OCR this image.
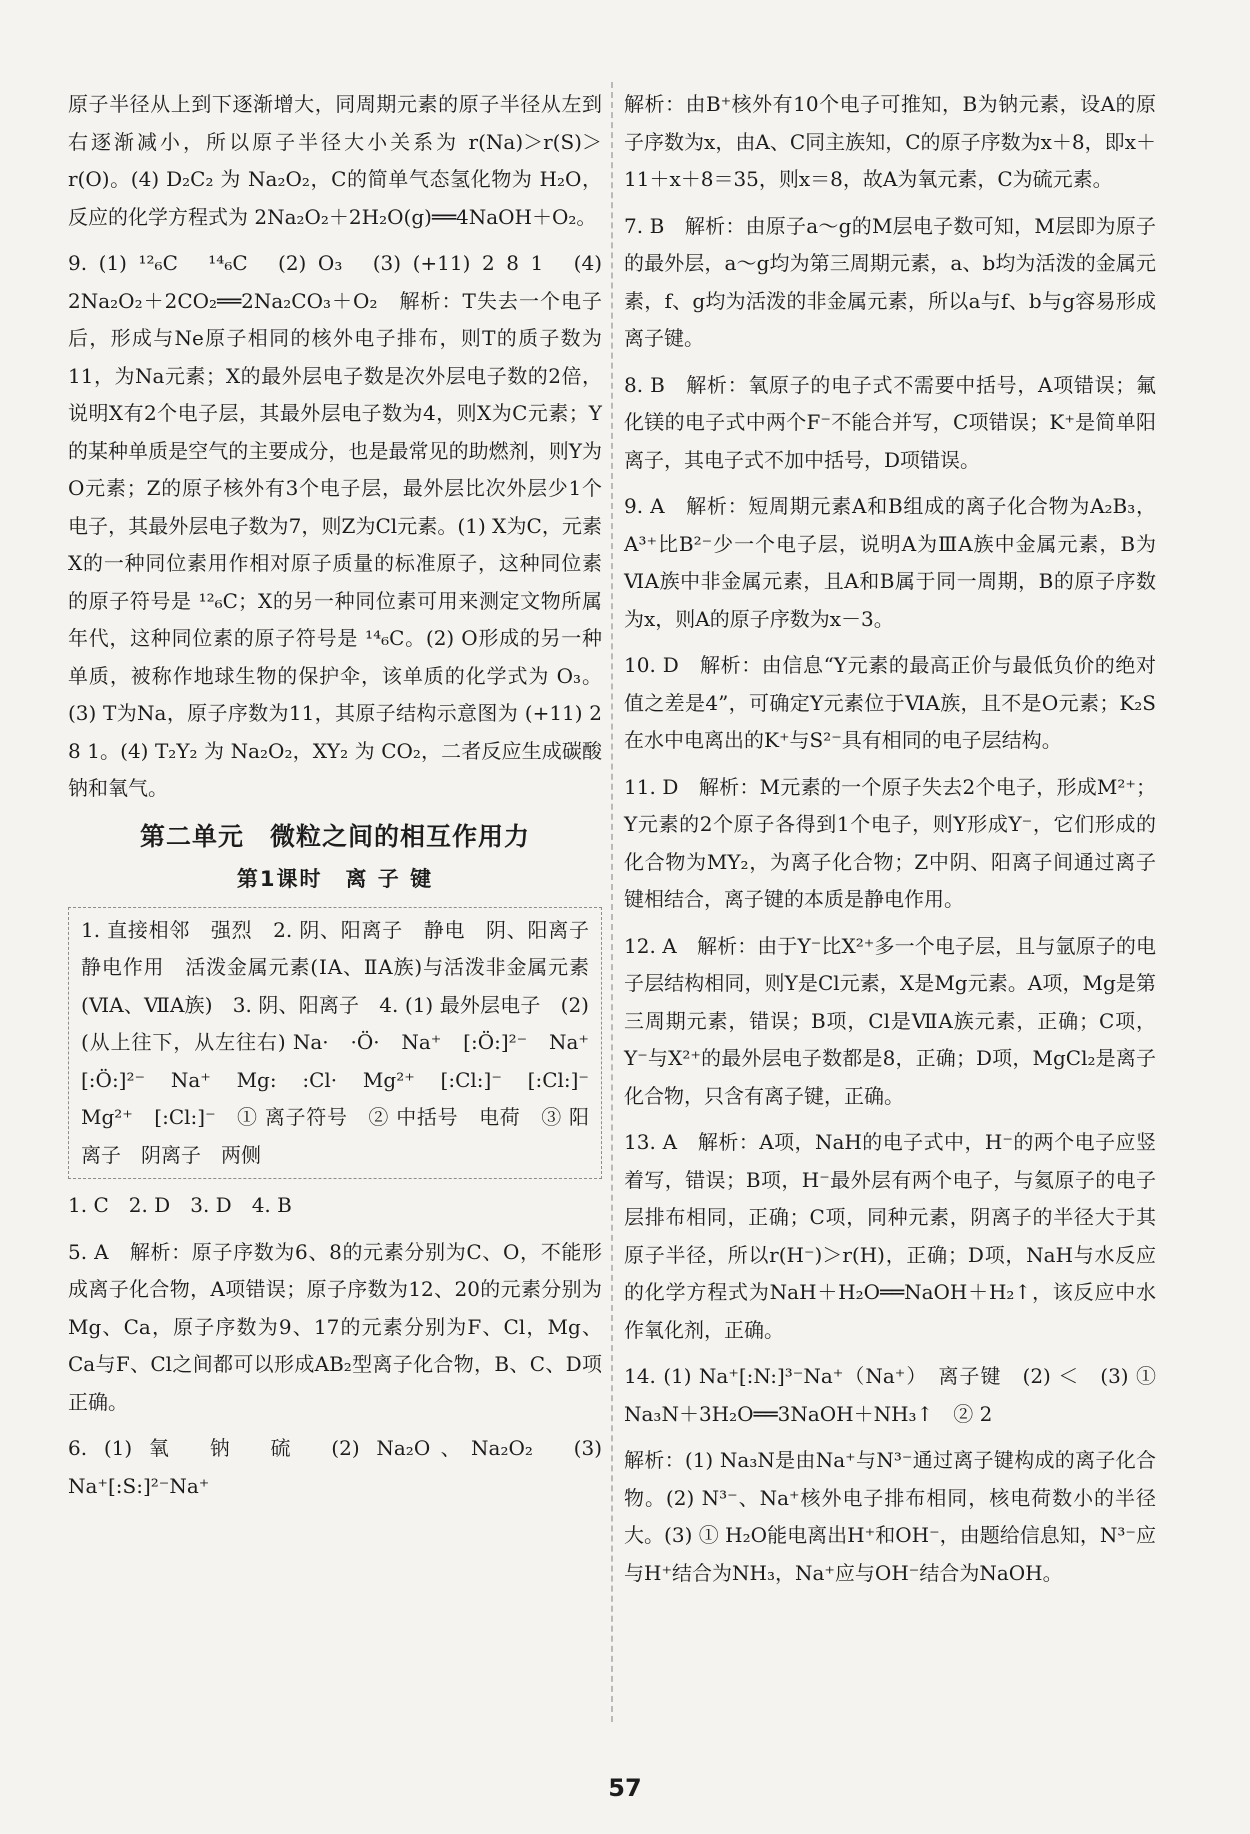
原子半径从上到下逐渐增大，同周期元素的原子半径从左到右逐渐减小，所以原子半径大小关系为 r(Na)＞r(S)＞r(O)。(4) D₂C₂ 为 Na₂O₂，C的简单气态氢化物为 H₂O，反应的化学方程式为 2Na₂O₂＋2H₂O(g)══4NaOH＋O₂。

9. (1) ¹²₆C　¹⁴₆C　(2) O₃　(3) (+11) 2 8 1　(4) 2Na₂O₂＋2CO₂══2Na₂CO₃＋O₂　解析：T失去一个电子后，形成与Ne原子相同的核外电子排布，则T的质子数为11，为Na元素；X的最外层电子数是次外层电子数的2倍，说明X有2个电子层，其最外层电子数为4，则X为C元素；Y的某种单质是空气的主要成分，也是最常见的助燃剂，则Y为O元素；Z的原子核外有3个电子层，最外层比次外层少1个电子，其最外层电子数为7，则Z为Cl元素。(1) X为C，元素X的一种同位素用作相对原子质量的标准原子，这种同位素的原子符号是 ¹²₆C；X的另一种同位素可用来测定文物所属年代，这种同位素的原子符号是 ¹⁴₆C。(2) O形成的另一种单质，被称作地球生物的保护伞，该单质的化学式为 O₃。(3) T为Na，原子序数为11，其原子结构示意图为 (+11) 2 8 1。(4) T₂Y₂ 为 Na₂O₂，XY₂ 为 CO₂，二者反应生成碳酸钠和氧气。

第二单元　微粒之间的相互作用力
第1课时　离 子 键
1. 直接相邻　强烈　2. 阴、阳离子　静电　阴、阳离子　静电作用　活泼金属元素(ⅠA、ⅡA族)与活泼非金属元素(ⅥA、ⅦA族)　3. 阴、阳离子　4. (1) 最外层电子　(2) (从上往下，从左往右) Na·　·Ö·　Na⁺　[:Ö:]²⁻　Na⁺　[:Ö:]²⁻　Na⁺　Mg:　:Cl·　Mg²⁺　[:Cl:]⁻　[:Cl:]⁻　Mg²⁺　[:Cl:]⁻　① 离子符号　② 中括号　电荷　③ 阳离子　阴离子　两侧

1. C　2. D　3. D　4. B

5. A　解析：原子序数为6、8的元素分别为C、O，不能形成离子化合物，A项错误；原子序数为12、20的元素分别为Mg、Ca，原子序数为9、17的元素分别为F、Cl，Mg、Ca与F、Cl之间都可以形成AB₂型离子化合物，B、C、D项正确。

6. (1) 氧　钠　硫　(2) Na₂O、Na₂O₂　(3) Na⁺[:S:]²⁻Na⁺

解析：由B⁺核外有10个电子可推知，B为钠元素，设A的原子序数为x，由A、C同主族知，C的原子序数为x＋8，即x＋11＋x＋8＝35，则x＝8，故A为氧元素，C为硫元素。

7. B　解析：由原子a～g的M层电子数可知，M层即为原子的最外层，a～g均为第三周期元素，a、b均为活泼的金属元素，f、g均为活泼的非金属元素，所以a与f、b与g容易形成离子键。

8. B　解析：氧原子的电子式不需要中括号，A项错误；氟化镁的电子式中两个F⁻不能合并写，C项错误；K⁺是简单阳离子，其电子式不加中括号，D项错误。

9. A　解析：短周期元素A和B组成的离子化合物为A₂B₃，A³⁺比B²⁻少一个电子层，说明A为ⅢA族中金属元素，B为ⅥA族中非金属元素，且A和B属于同一周期，B的原子序数为x，则A的原子序数为x－3。

10. D　解析：由信息“Y元素的最高正价与最低负价的绝对值之差是4”，可确定Y元素位于ⅥA族，且不是O元素；K₂S在水中电离出的K⁺与S²⁻具有相同的电子层结构。

11. D　解析：M元素的一个原子失去2个电子，形成M²⁺；Y元素的2个原子各得到1个电子，则Y形成Y⁻，它们形成的化合物为MY₂，为离子化合物；Z中阴、阳离子间通过离子键相结合，离子键的本质是静电作用。

12. A　解析：由于Y⁻比X²⁺多一个电子层，且与氩原子的电子层结构相同，则Y是Cl元素，X是Mg元素。A项，Mg是第三周期元素，错误；B项，Cl是ⅦA族元素，正确；C项，Y⁻与X²⁺的最外层电子数都是8，正确；D项，MgCl₂是离子化合物，只含有离子键，正确。

13. A　解析：A项，NaH的电子式中，H⁻的两个电子应竖着写，错误；B项，H⁻最外层有两个电子，与氦原子的电子层排布相同，正确；C项，同种元素，阴离子的半径大于其原子半径，所以r(H⁻)＞r(H)，正确；D项，NaH与水反应的化学方程式为NaH＋H₂O══NaOH＋H₂↑，该反应中水作氧化剂，正确。

14. (1) Na⁺[:N:]³⁻Na⁺（Na⁺）　离子键　(2) ＜　(3) ① Na₃N＋3H₂O══3NaOH＋NH₃↑　② 2

解析：(1) Na₃N是由Na⁺与N³⁻通过离子键构成的离子化合物。(2) N³⁻、Na⁺核外电子排布相同，核电荷数小的半径大。(3) ① H₂O能电离出H⁺和OH⁻，由题给信息知，N³⁻应与H⁺结合为NH₃，Na⁺应与OH⁻结合为NaOH。

57
